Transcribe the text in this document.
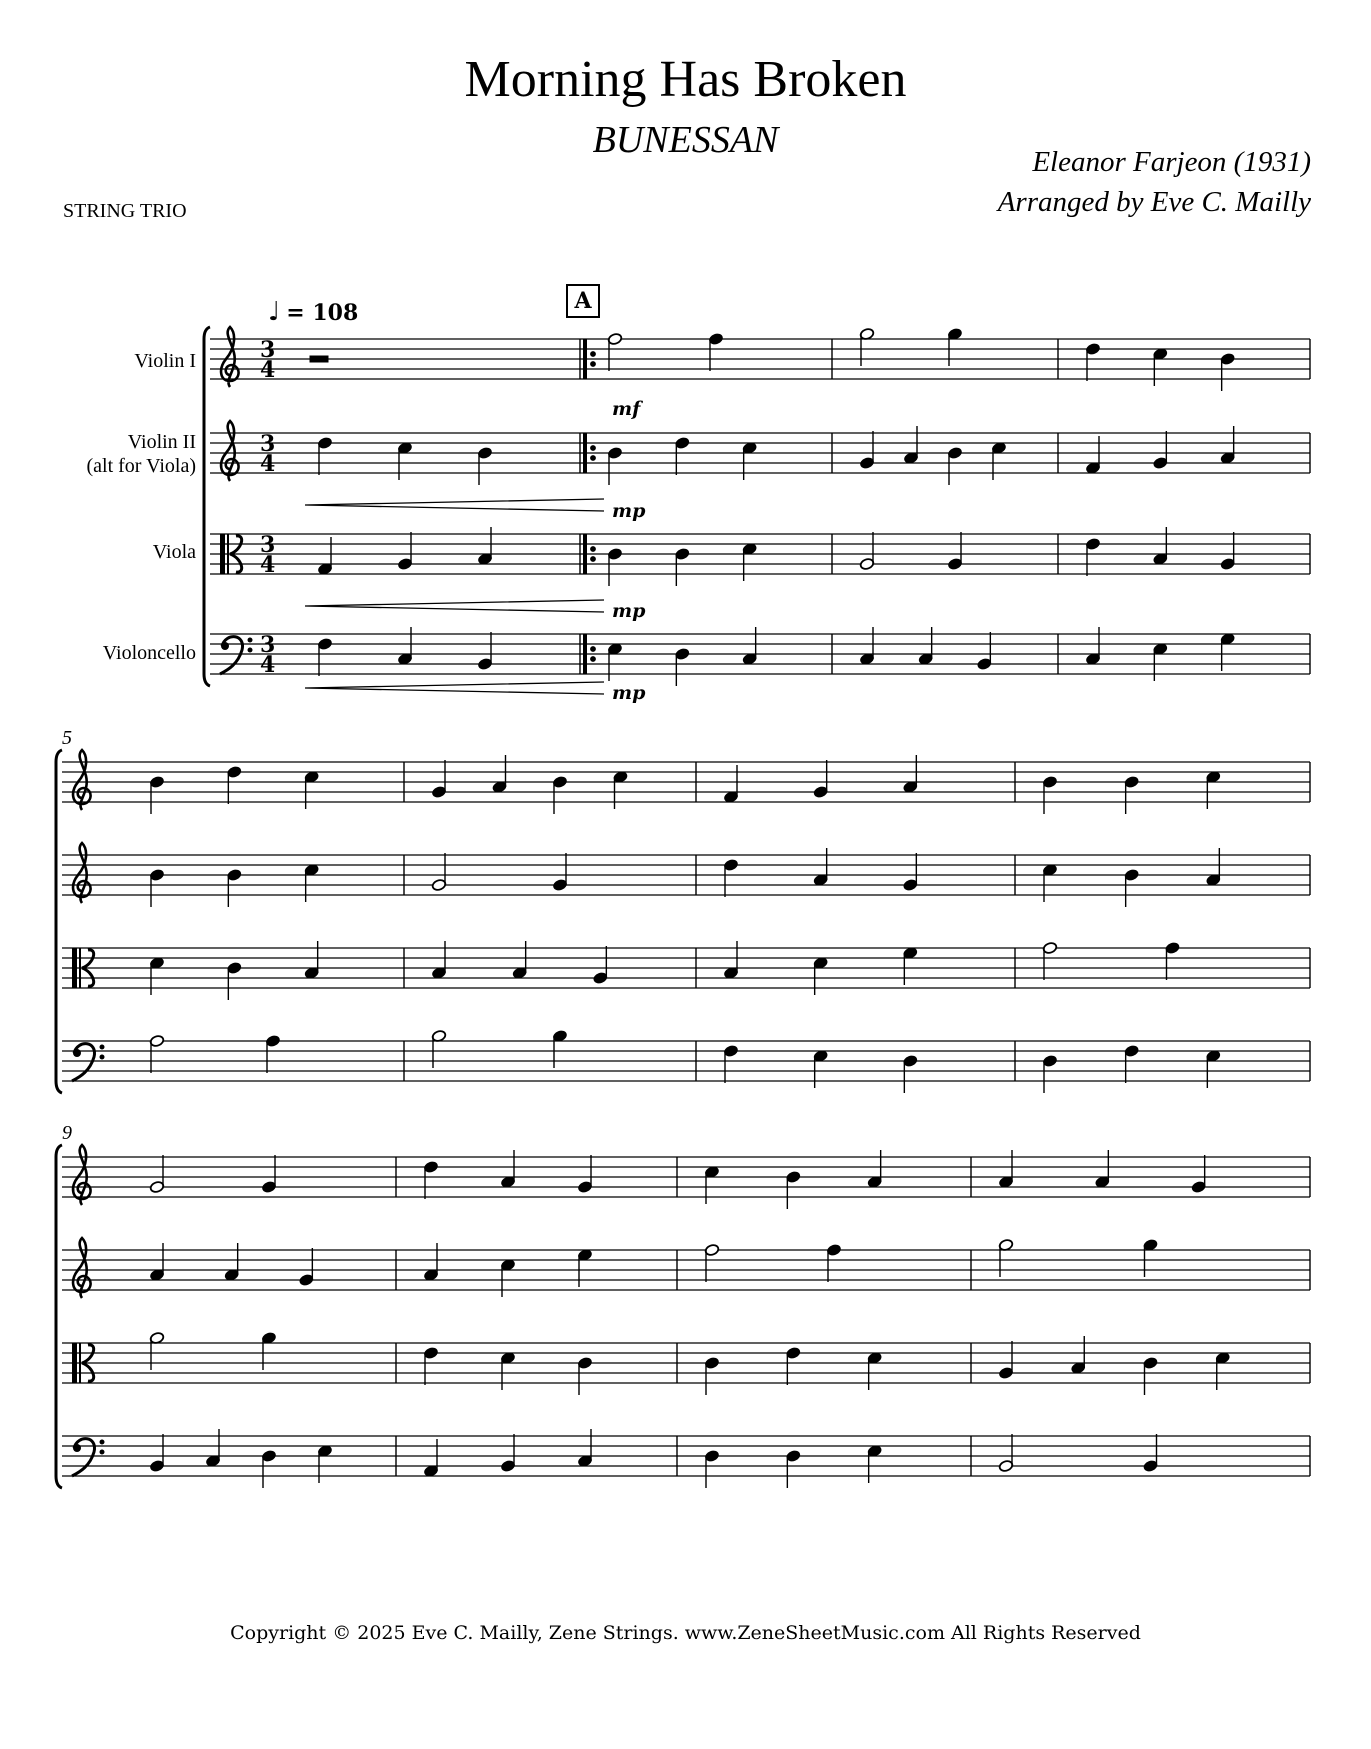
Morning Has Broken
BUNESSAN
Eleanor Farjeon (1931)
Arranged by Eve C. Mailly
STRING TRIO
♩ = 108	A
Violin I
Violin II
(alt for Viola)
Viola
Violoncello
mf
mp
mp
mp
5
9
Copyright © 2025 Eve C. Mailly, Zene Strings. www.ZeneSheetMusic.com All Rights Reserved
3
4
3
4
3
4
3
4
